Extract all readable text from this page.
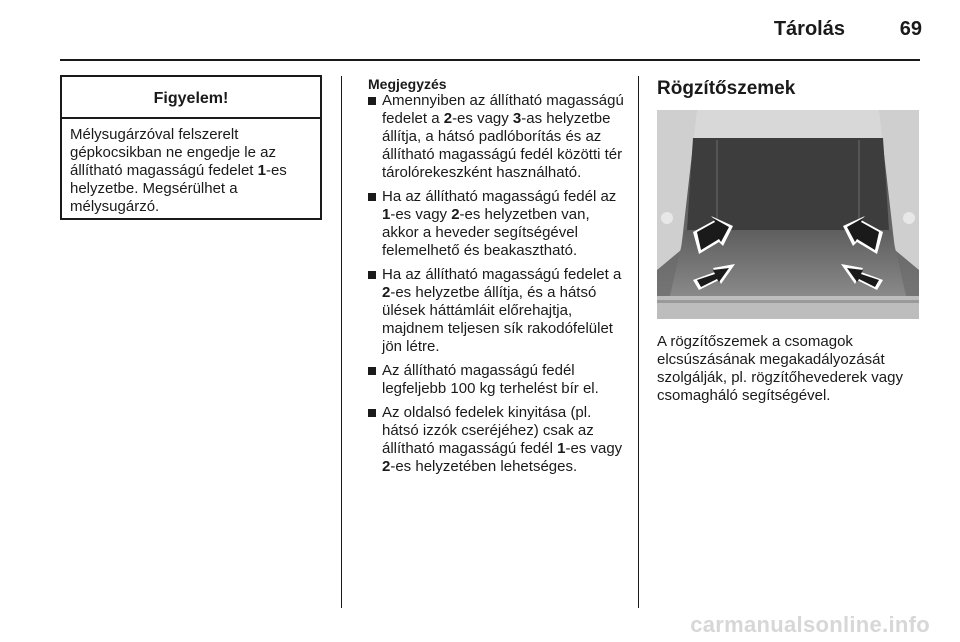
Tárolás	69
Figyelem!
Mélysugárzóval felszerelt gépkocsikban ne engedje le az állítható magasságú fedelet 1-es helyzetbe. Megsérülhet a mélysugárzó.
Megjegyzés
Amennyiben az állítható magasságú fedelet a 2-es vagy 3-as helyzetbe állítja, a hátsó padlóborítás és az állítható magasságú fedél közötti tér tárolórekeszként használható.
Ha az állítható magasságú fedél az 1-es vagy 2-es helyzetben van, akkor a heveder segítségével felemelhető és beakasztható.
Ha az állítható magasságú fedelet a 2-es helyzetbe állítja, és a hátsó ülések háttámláit előrehajtja, majdnem teljesen sík rakodófelület jön létre.
Az állítható magasságú fedél legfeljebb 100 kg terhelést bír el.
Az oldalsó fedelek kinyitása (pl. hátsó izzók cseréjéhez) csak az állítható magasságú fedél 1-es vagy 2-es helyzetében lehetséges.
Rögzítőszemek
A rögzítőszemek a csomagok elcsúszásának megakadályozását szolgálják, pl. rögzítőhevederek vagy csomagháló segítségével.
carmanualsonline.info
